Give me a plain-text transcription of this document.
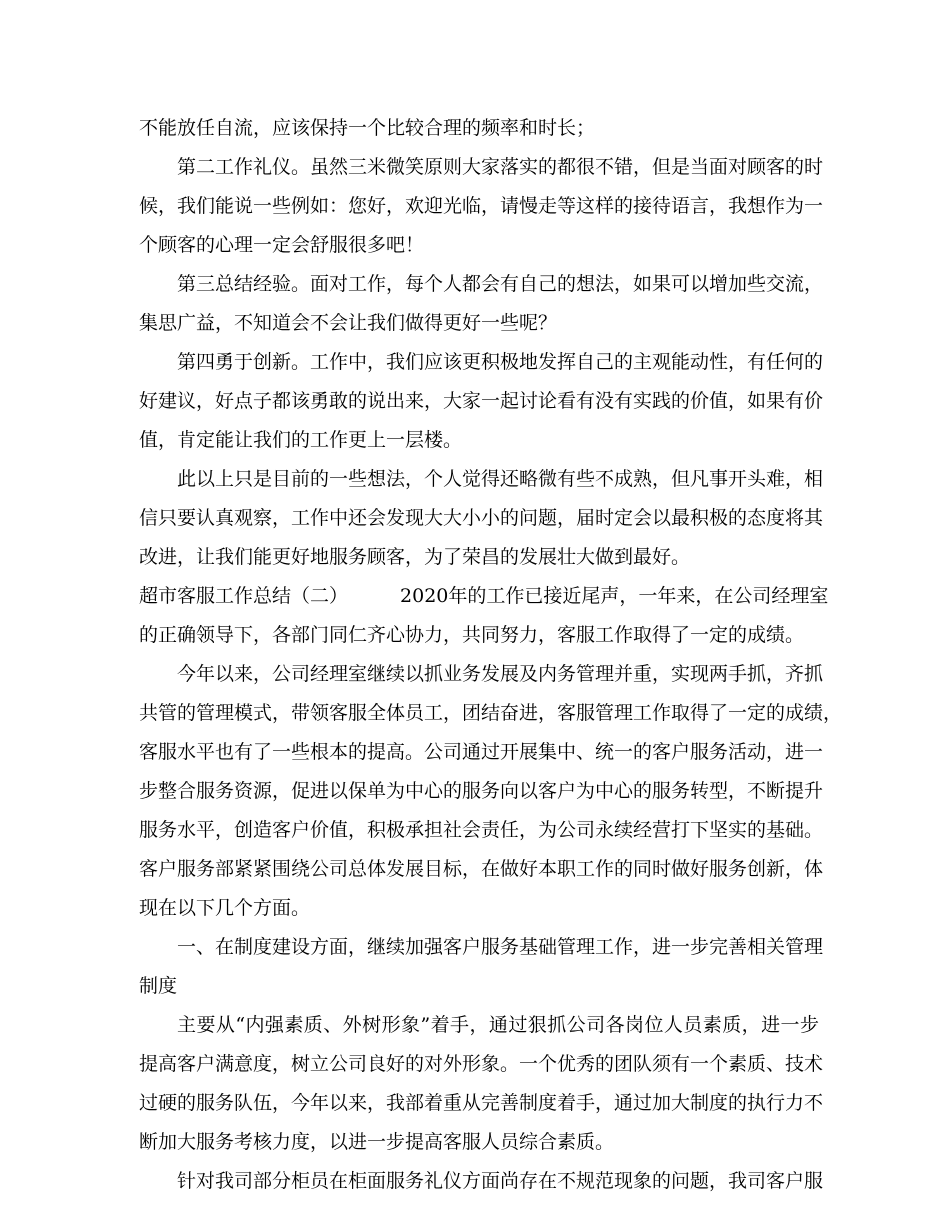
不能放任自流，应该保持一个比较合理的频率和时长；
第二工作礼仪。虽然三米微笑原则大家落实的都很不错，但是当面对顾客的时
候，我们能说一些例如：您好，欢迎光临，请慢走等这样的接待语言，我想作为一
个顾客的心理一定会舒服很多吧！
第三总结经验。面对工作，每个人都会有自己的想法，如果可以增加些交流，
集思广益，不知道会不会让我们做得更好一些呢？
第四勇于创新。工作中，我们应该更积极地发挥自己的主观能动性，有任何的
好建议，好点子都该勇敢的说出来，大家一起讨论看有没有实践的价值，如果有价
值，肯定能让我们的工作更上一层楼。
此以上只是目前的一些想法，个人觉得还略微有些不成熟，但凡事开头难，相
信只要认真观察，工作中还会发现大大小小的问题，届时定会以最积极的态度将其
改进，让我们能更好地服务顾客，为了荣昌的发展壮大做到最好。
超市客服工作总结（二）	2020年的工作已接近尾声，一年来，在公司经理室
的正确领导下，各部门同仁齐心协力，共同努力，客服工作取得了一定的成绩。
今年以来，公司经理室继续以抓业务发展及内务管理并重，实现两手抓，齐抓
共管的管理模式，带领客服全体员工，团结奋进，客服管理工作取得了一定的成绩，
客服水平也有了一些根本的提高。公司通过开展集中、统一的客户服务活动，进一
步整合服务资源，促进以保单为中心的服务向以客户为中心的服务转型，不断提升
服务水平，创造客户价值，积极承担社会责任，为公司永续经营打下坚实的基础。
客户服务部紧紧围绕公司总体发展目标，在做好本职工作的同时做好服务创新，体
现在以下几个方面。
一、在制度建设方面，继续加强客户服务基础管理工作，进一步完善相关管理
制度
主要从“内强素质、外树形象”着手，通过狠抓公司各岗位人员素质，进一步
提高客户满意度，树立公司良好的对外形象。一个优秀的团队须有一个素质、技术
过硬的服务队伍，今年以来，我部着重从完善制度着手，通过加大制度的执行力不
断加大服务考核力度，以进一步提高客服人员综合素质。
针对我司部分柜员在柜面服务礼仪方面尚存在不规范现象的问题，我司客户服
